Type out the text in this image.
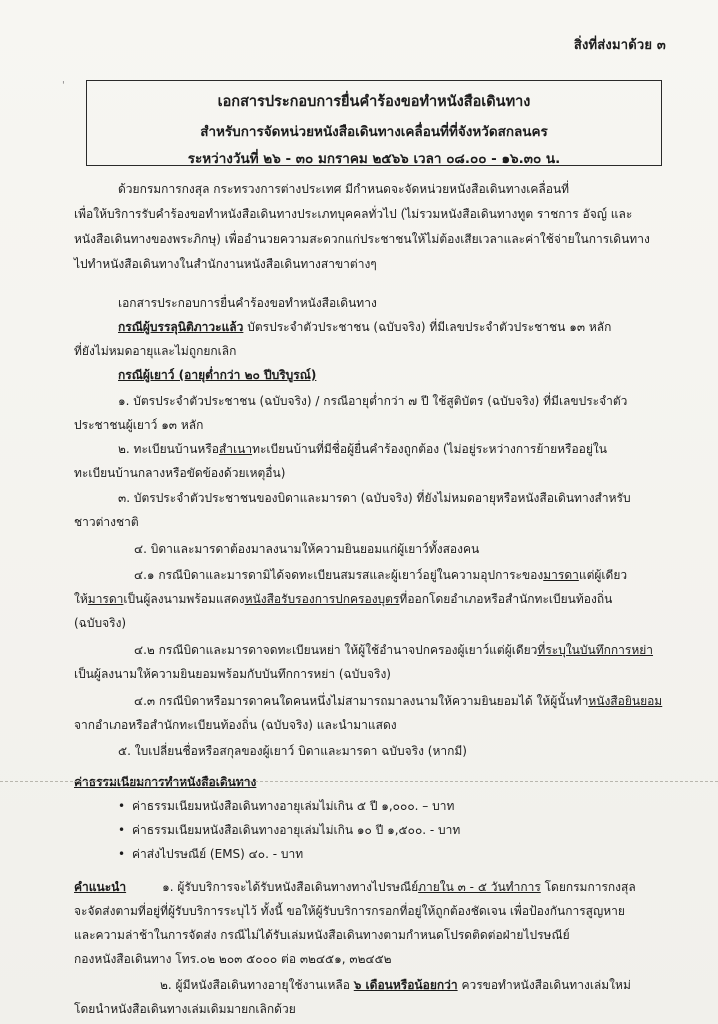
สิ่งที่ส่งมาด้วย ๓
'
เอกสารประกอบการยื่นคำร้องขอทำหนังสือเดินทาง
สำหรับการจัดหน่วยหนังสือเดินทางเคลื่อนที่ที่จังหวัดสกลนคร
ระหว่างวันที่ ๒๖ - ๓๐ มกราคม ๒๕๖๖ เวลา ๐๘.๐๐ - ๑๖.๓๐ น.
ด้วยกรมการกงสุล กระทรวงการต่างประเทศ มีกำหนดจะจัดหน่วยหนังสือเดินทางเคลื่อนที่
เพื่อให้บริการรับคำร้องขอทำหนังสือเดินทางประเภทบุคคลทั่วไป (ไม่รวมหนังสือเดินทางทูต ราชการ อัจญ์ และ
หนังสือเดินทางของพระภิกษุ) เพื่ออำนวยความสะดวกแก่ประชาชนให้ไม่ต้องเสียเวลาและค่าใช้จ่ายในการเดินทาง
ไปทำหนังสือเดินทางในสำนักงานหนังสือเดินทางสาขาต่างๆ
เอกสารประกอบการยื่นคำร้องขอทำหนังสือเดินทาง
กรณีผู้บรรลุนิติภาวะแล้ว บัตรประจำตัวประชาชน (ฉบับจริง) ที่มีเลขประจำตัวประชาชน ๑๓ หลัก
ที่ยังไม่หมดอายุและไม่ถูกยกเลิก
กรณีผู้เยาว์ (อายุต่ำกว่า ๒๐ ปีบริบูรณ์)
๑. บัตรประจำตัวประชาชน (ฉบับจริง) / กรณีอายุต่ำกว่า ๗ ปี ใช้สูติบัตร (ฉบับจริง) ที่มีเลขประจำตัว
ประชาชนผู้เยาว์ ๑๓ หลัก
๒. ทะเบียนบ้านหรือสำเนาทะเบียนบ้านที่มีชื่อผู้ยื่นคำร้องถูกต้อง (ไม่อยู่ระหว่างการย้ายหรืออยู่ใน
ทะเบียนบ้านกลางหรือขัดข้องด้วยเหตุอื่น)
๓. บัตรประจำตัวประชาชนของบิดาและมารดา (ฉบับจริง) ที่ยังไม่หมดอายุหรือหนังสือเดินทางสำหรับ
ชาวต่างชาติ
๔. บิดาและมารดาต้องมาลงนามให้ความยินยอมแก่ผู้เยาว์ทั้งสองคน
๔.๑ กรณีบิดาและมารดามิได้จดทะเบียนสมรสและผู้เยาว์อยู่ในความอุปการะของมารดาแต่ผู้เดียว
ให้มารดาเป็นผู้ลงนามพร้อมแสดงหนังสือรับรองการปกครองบุตรที่ออกโดยอำเภอหรือสำนักทะเบียนท้องถิ่น
(ฉบับจริง)
๔.๒ กรณีบิดาและมารดาจดทะเบียนหย่า ให้ผู้ใช้อำนาจปกครองผู้เยาว์แต่ผู้เดียวที่ระบุในบันทึกการหย่า
เป็นผู้ลงนามให้ความยินยอมพร้อมกับบันทึกการหย่า (ฉบับจริง)
๔.๓ กรณีบิดาหรือมารดาคนใดคนหนึ่งไม่สามารถมาลงนามให้ความยินยอมได้ ให้ผู้นั้นทำหนังสือยินยอม
จากอำเภอหรือสำนักทะเบียนท้องถิ่น (ฉบับจริง) และนำมาแสดง
๕. ใบเปลี่ยนชื่อหรือสกุลของผู้เยาว์ บิดาและมารดา ฉบับจริง (หากมี)
ค่าธรรมเนียมการทำหนังสือเดินทาง
• ค่าธรรมเนียมหนังสือเดินทางอายุเล่มไม่เกิน ๕ ปี ๑,๐๐๐. – บาท
• ค่าธรรมเนียมหนังสือเดินทางอายุเล่มไม่เกิน ๑๐ ปี ๑,๕๐๐. - บาท
• ค่าส่งไปรษณีย์ (EMS) ๔๐. - บาท
คำแนะนำ	๑. ผู้รับบริการจะได้รับหนังสือเดินทางทางไปรษณีย์ภายใน ๓ - ๕ วันทำการ โดยกรมการกงสุล
จะจัดส่งตามที่อยู่ที่ผู้รับบริการระบุไว้ ทั้งนี้ ขอให้ผู้รับบริการกรอกที่อยู่ให้ถูกต้องชัดเจน เพื่อป้องกันการสูญหาย
และความล่าช้าในการจัดส่ง กรณีไม่ได้รับเล่มหนังสือเดินทางตามกำหนดโปรดติดต่อฝ่ายไปรษณีย์
กองหนังสือเดินทาง โทร.๐๒ ๒๐๓ ๕๐๐๐ ต่อ ๓๒๔๕๑, ๓๒๔๕๒
๒. ผู้มีหนังสือเดินทางอายุใช้งานเหลือ ๖ เดือนหรือน้อยกว่า ควรขอทำหนังสือเดินทางเล่มใหม่
โดยนำหนังสือเดินทางเล่มเดิมมายกเลิกด้วย
